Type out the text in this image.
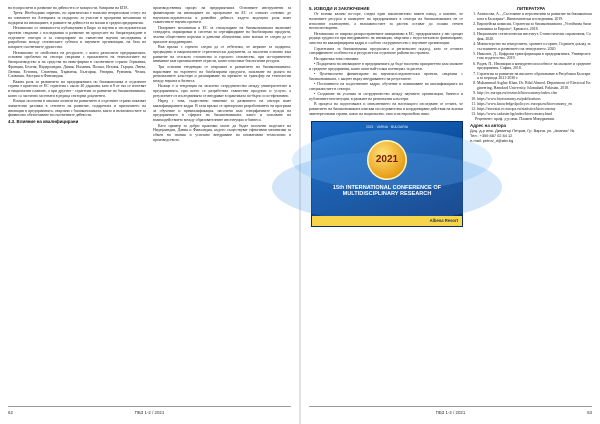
на ecoпросвети и развитие на дейността се мощности, базирани на БПА.

Третя: Необходимо изрично, но практически е напълно неприложим статус на на членовете на Агенцията за подкрепа, за участие в прозрачни механизми за подкрепа на иновациите, в рамките на дейността на малки и средни предприятия.

Независимо от значимостта публикувани в Бюро за научни и изследователски проекти свързани с изследвания и развитие на процесите на биоразграждане в отделните сектори и за стимулиране на съвместни научни изследвания и разработки между стопанските субекти и научните организации, на база на пазарите съответните дружества.

Независимо от свойствата на ресурсите, с които разполагат предприятията, основни проблеми на сектора свързани с прилагането на технологиите на биопроизводство и на средства на ниво-фирми в съответните страни: Германия, Франция, Белгия, Нидерландия, Дания, Испания, Полша, Италия, Гърция, Литва, Латвия, Естония, Словения, Хърватия, България, Унгария, Румъния, Чехия, Словакия, Австрия и Финландия.

Важна роля за развитието на предприятията по биоикономика в отделните страни е приетата от ЕС стратегия с около 40 държави, като в 8 от тях се изготвят и национални планове, а при другите - стратегии за развитие на биоикономиката, които са частично засегнати в редица секторни документи.

Всички посочени в анализа аспекти на развитието в отделните страни показват значителни разлики в степента на развитие, подкрепата и прилагането на иновации в предприятията, свързани с биоикономиката, както и възможностите за финансово обезпечаване на съответните дейности.

4.3. Влияние на квалифицирани

производствения процес на предприятията. Основните инструменти за финансиране на иновациите по програмите на ЕС се отнасят основно до научноизследователска и развойна дейност, където водещата роля имат съвместните научни проекти.

Пазарните механизми в ЕС за стимулиране на биоикономиката включват стандарти, маркировки и системи за сертифициране на биобазирани продукти, зелени обществени поръчки и данъчни облекчения, като всички те следва да се прилагат координирано.

Във връзка с горното следва да се отбележи, че мерките за подкрепа, предвидени в националните стратегически документи, са насочени основно към развитие на селското стопанство и горското стопанство, при по-ограничено внимание към промишлените отрасли, които използват биологични ресурси.

Три основни тенденции се открояват в развитието на биоикономиката: нарастване на търсенето на биобазирани продукти, засилване на ролята на регионалните клъстери и разширяване на мрежите за трансфер на технологии между науката и бизнеса.

Налице е и тенденция на засилено сътрудничество между университетите и предприятията, при което се разработват съвместни продукти и услуги, а резултатите от изследванията се внедряват в практиката по-бързо и по-ефективно.

Наред с това, съществено значение за развитието на сектора имат квалифицираните кадри. В тази връзка се препоръчва разработването на програми за обучение и преквалификация, насочени към специфичните нужди на предприятията в сферата на биоикономиката, както и засилване на взаимодействието между образователните институции и бизнеса.

Като пример за добри практики могат да бъдат посочени моделите на Нидерландия, Дания и Финландия, където съществуват ефективни механизми за обмен на знания и успешно внедряване на иновативни технологии в производството.

62	ПБЗ 1-2 / 2021

5. ИЗВОДИ И ЗАКЛЮЧЕНИЕ

От всичко казано по-горе, следва един изключително важен извод, а именно, че наличните ресурси и капацитет на предприятията в сектора на биоикономиката не се използват пълноценно, а възможностите за растеж остават до голяма степен неоползотворени.

Независимо от широко разпространените инициативи в ЕС, предприятията у нас срещат редица трудности при внедряването на иновации, свързани с недостатъчното финансиране, липсата на квалифицирани кадри и слабото сътрудничество с научните организации.

Стратегията за биоикономика предполага и регионален подход, като се отчитат специфичните особености и ресурсите на отделните райони на страната.

На практика това означава:

• Подкрепата на иновациите в предприятията да бъде насочена приоритетно към малките и средните предприятия, които имат най-голям потенциал за растеж.

• Целенасочено финансиране на научноизследователски проекти, свързани с биоикономиката, с акцент върху внедряването на резултатите.

• Постоянното на подготвените кадри, обучение и повишаване на квалификацията на специалистите в сектора.

• Създаване на условия за сътрудничество между научните организации, бизнеса и публичните институции, в рамките на регионални клъстери.

В процеса на подготовката и изпълнението на настоящото изследване се отчита, че развитието на биоикономиката изисква последователни и координирани действия на всички заинтересовани страни, както на национално, така и на европейско ниво.

2021 · VARNA · BULGARIA
2021
15th INTERNATIONAL CONFERENCE OF MULTIDISCIPLINARY RESEARCH
Albena Resort

ЛИТЕРАТУРА

1. Атанасова, А., „Състояние и перспективи за развитие на биоикономиката в България“, Икономически изследвания, 2019.
2. Европейска комисия, Стратегия за биоикономиката „Устойчива биоикономика за Европа“, Брюксел, 2018.
3. Национален статистически институт, Статистически справочник, София, 2020.
4. Министерство на земеделието, храните и горите, Годишен доклад за състоянието и развитието на земеделието, 2020.
5. Николов, Д., Цифрови трансформации в предприятията, Университетско издателство, 2019.
6. Радев, П., Иновации и конкурентоспособност на малките и средните предприятия, София, 2018.
7. Стратегия за развитие на висшето образование в Република България за периода 2021-2030 г.
8. Muhammad Asghar Khan, Dr. Bilal Ahmed, Department of Electrical Engineering, Hamdard University, Islamabad, Pakistan, 2018.
9. http://ec.europa.eu/research/bioeconomy/index.cfm
10. https://www.bioeconomy.eu/publications
11. https://www.knowledge4policy.ec.europa.eu/bioeconomy_en
12. https://eurostat.ec.europa.eu/statistics/bioeconomy
13. https://www.cadaster.bg/index/bioeconomy.html

Рецензент: проф. д-р инж. Пламен Миндрински

Адрес на автора

Доц. д-р инж. Димитър Петров, Гр. Варна, ул. „Ананас“ №

Тел.: +359 887 02 84 12

e-mail: petrov_d@abv.bg

ПБЗ 1-2 / 2021	63
